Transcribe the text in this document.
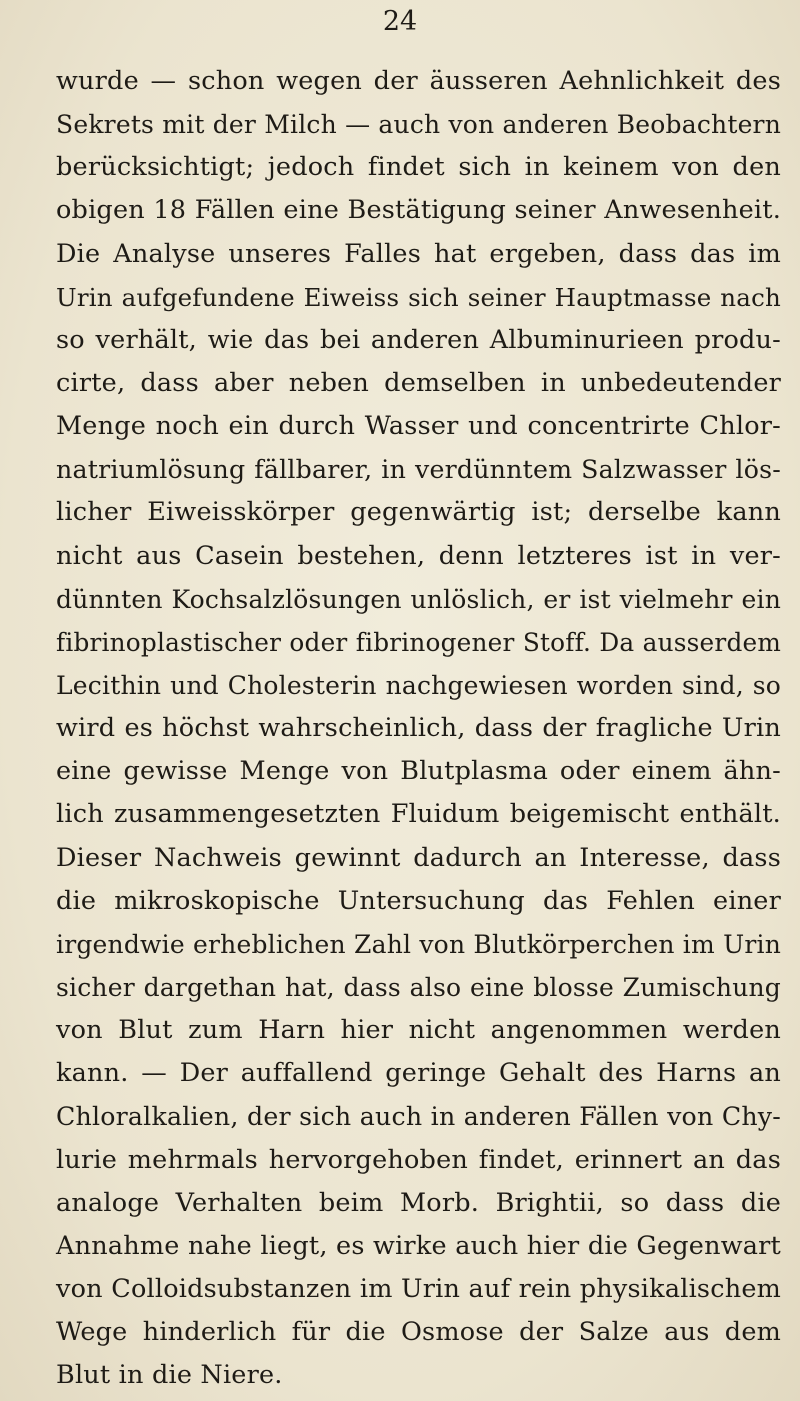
24

wurde — schon wegen der äusseren Aehnlichkeit des
Sekrets mit der Milch — auch von anderen Beobachtern
berücksichtigt; jedoch findet sich in keinem von den
obigen 18 Fällen eine Bestätigung seiner Anwesenheit.
Die Analyse unseres Falles hat ergeben, dass das im
Urin aufgefundene Eiweiss sich seiner Hauptmasse nach
so verhält, wie das bei anderen Albuminurieen produ-
cirte, dass aber neben demselben in unbedeutender
Menge noch ein durch Wasser und concentrirte Chlor-
natriumlösung fällbarer, in verdünntem Salzwasser lös-
licher Eiweisskörper gegenwärtig ist; derselbe kann
nicht aus Casein bestehen, denn letzteres ist in ver-
dünnten Kochsalzlösungen unlöslich, er ist vielmehr ein
fibrinoplastischer oder fibrinogener Stoff. Da ausserdem
Lecithin und Cholesterin nachgewiesen worden sind, so
wird es höchst wahrscheinlich, dass der fragliche Urin
eine gewisse Menge von Blutplasma oder einem ähn-
lich zusammengesetzten Fluidum beigemischt enthält.
Dieser Nachweis gewinnt dadurch an Interesse, dass
die mikroskopische Untersuchung das Fehlen einer
irgendwie erheblichen Zahl von Blutkörperchen im Urin
sicher dargethan hat, dass also eine blosse Zumischung
von Blut zum Harn hier nicht angenommen werden
kann. — Der auffallend geringe Gehalt des Harns an
Chloralkalien, der sich auch in anderen Fällen von Chy-
lurie mehrmals hervorgehoben findet, erinnert an das
analoge Verhalten beim Morb. Brightii, so dass die
Annahme nahe liegt, es wirke auch hier die Gegenwart
von Colloidsubstanzen im Urin auf rein physikalischem
Wege hinderlich für die Osmose der Salze aus dem
Blut in die Niere.
